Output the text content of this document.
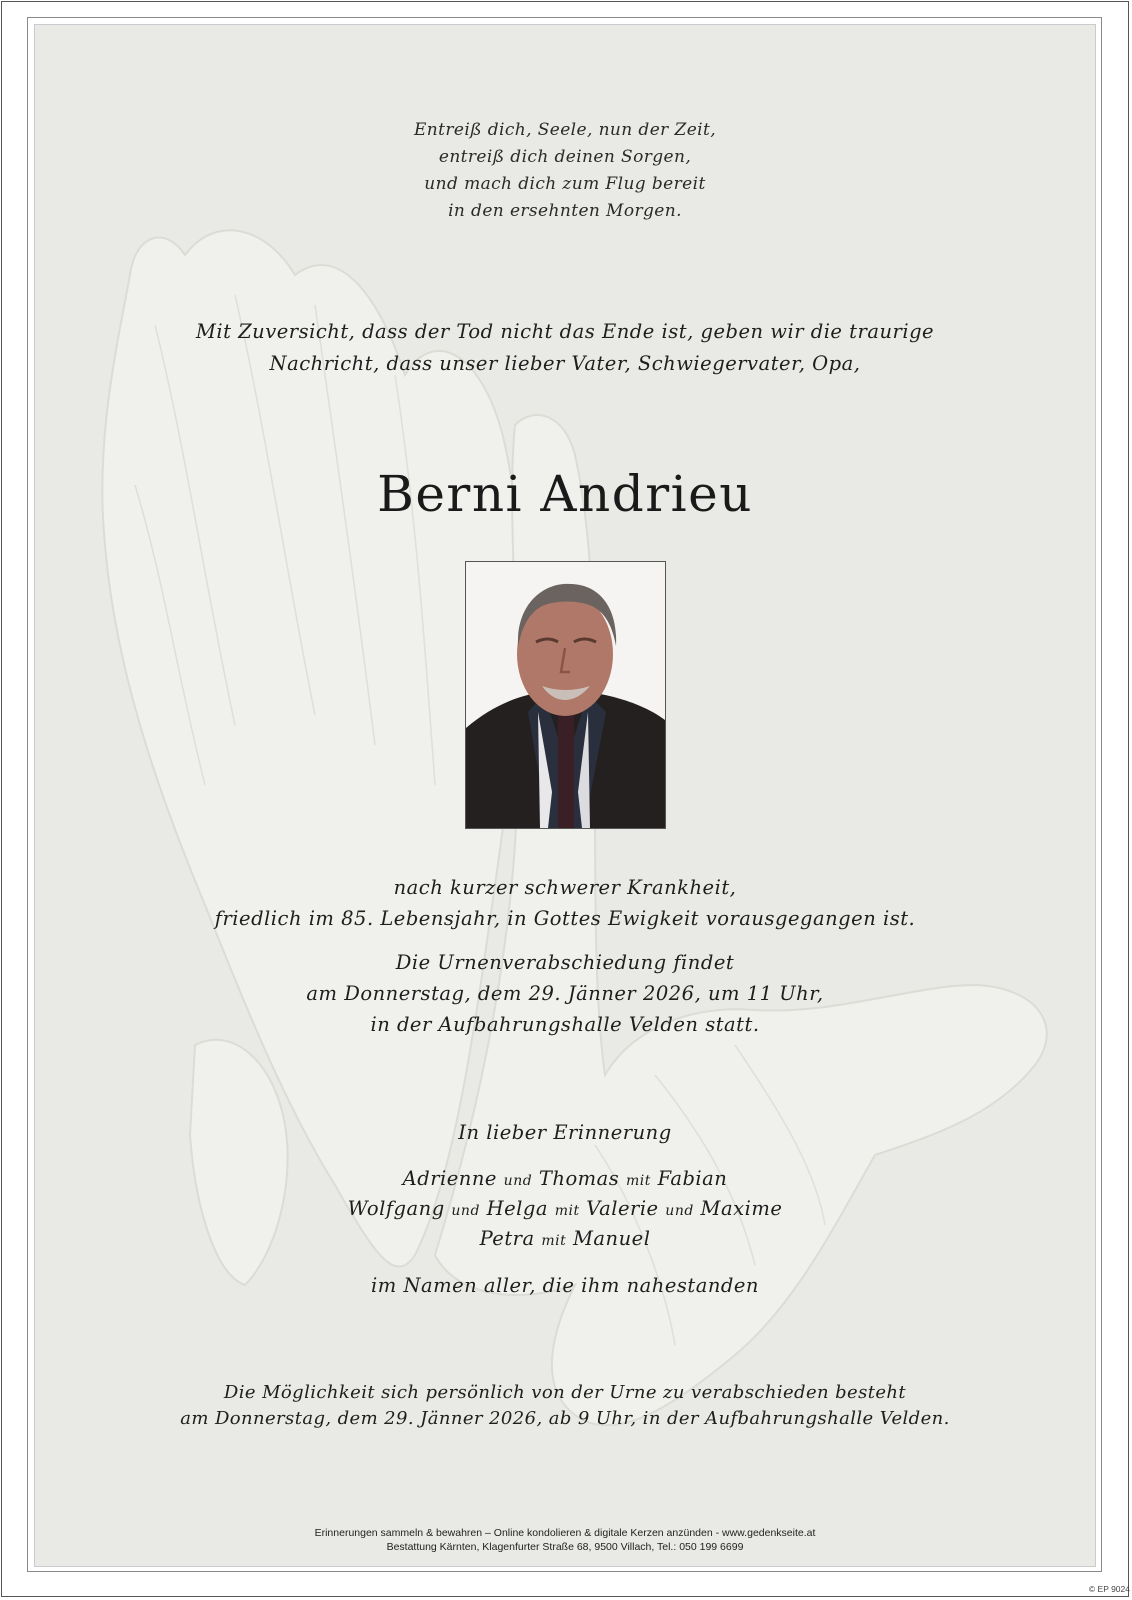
Entreiß dich, Seele, nun der Zeit,
entreiß dich deinen Sorgen,
und mach dich zum Flug bereit
in den ersehnten Morgen.
Mit Zuversicht, dass der Tod nicht das Ende ist, geben wir die traurige
Nachricht, dass unser lieber Vater, Schwiegervater, Opa,
Berni Andrieu
nach kurzer schwerer Krankheit,
friedlich im 85. Lebensjahr, in Gottes Ewigkeit vorausgegangen ist.
Die Urnenverabschiedung findet
am Donnerstag, dem 29. Jänner 2026, um 11 Uhr,
in der Aufbahrungshalle Velden statt.
In lieber Erinnerung
Adrienne und Thomas mit Fabian
Wolfgang und Helga mit Valerie und Maxime
Petra mit Manuel
im Namen aller, die ihm nahestanden
Die Möglichkeit sich persönlich von der Urne zu verabschieden besteht
am Donnerstag, dem 29. Jänner 2026, ab 9 Uhr, in der Aufbahrungshalle Velden.
Erinnerungen sammeln & bewahren – Online kondolieren & digitale Kerzen anzünden - www.gedenkseite.at
Bestattung Kärnten, Klagenfurter Straße 68, 9500 Villach, Tel.: 050 199 6699
© EP 9024
